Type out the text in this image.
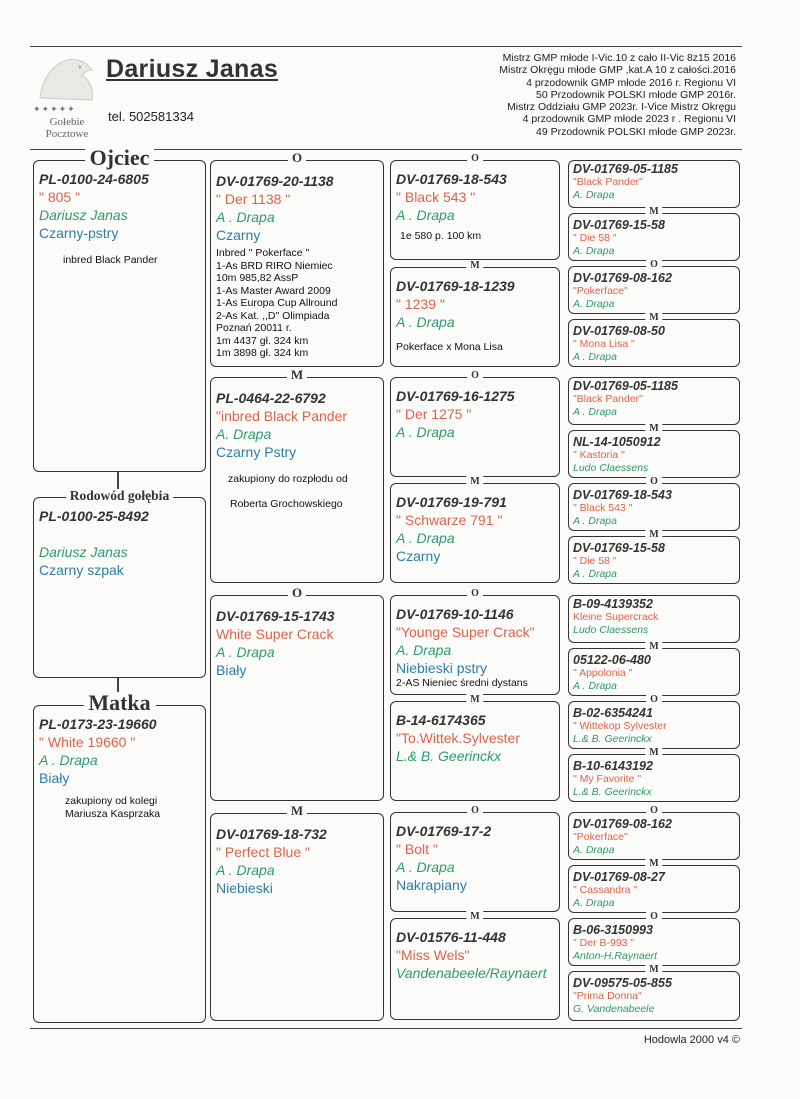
✦✦✦✦✦
Gołebie
Pocztowe
Dariusz Janas
tel. 502581334
Mistrz GMP młode I-Vic.10 z cało II-Vic 8z15 2016
Mistrz Okręgu młode GMP ,kat.A 10 z całości.2016
4 przodownik GMP młode 2016 r. Regionu VI
50 Przodownik POLSKI młode GMP 2016r.
Mistrz Oddziału GMP 2023r. I-Vice Mistrz Okręgu
4 przodownik GMP młode 2023 r . Regionu VI
49 Przodownik POLSKI młode GMP 2023r.
Ojciec
PL-0100-24-6805
" 805 "
Dariusz Janas
Czarny-pstry
inbred Black Pander
Rodowód gołębia
PL-0100-25-8492
Dariusz Janas
Czarny szpak
Matka
PL-0173-23-19660
" White 19660 "
A . Drapa
Biały
zakupiony od kolegi
Mariusza Kasprzaka
O
DV-01769-20-1138
" Der 1138 "
A . Drapa
Czarny
Inbred " Pokerface "
1-As BRD RIRO Niemiec
10m 985,82 AssP
1-As Master Award 2009
1-As Europa Cup Allround
2-As Kat. ,,D" Olimpiada
Poznań 20011 r.
1m 4437 gł. 324 km
1m 3898 gł. 324 km
M
PL-0464-22-6792
"inbred Black Pander
A. Drapa
Czarny Pstry
zakupiony do rozpłodu od
Roberta Grochowskiego
O
DV-01769-15-1743
White Super Crack
A . Drapa
Biały
M
DV-01769-18-732
" Perfect Blue "
A . Drapa
Niebieski
O
DV-01769-18-543
" Black 543 "
A . Drapa
1e 580 p. 100 km
M
DV-01769-18-1239
" 1239 "
A . Drapa
Pokerface x Mona Lisa
O
DV-01769-16-1275
" Der 1275 "
A . Drapa
M
DV-01769-19-791
" Schwarze 791 "
A . Drapa
Czarny
O
DV-01769-10-1146
"Younge Super Crack"
A. Drapa
Niebieski pstry
2-AS Nieniec średni dystans
M
B-14-6174365
"To.Wittek.Sylvester
L.& B. Geerinckx
O
DV-01769-17-2
" Bolt "
A . Drapa
Nakrapiany
M
DV-01576-11-448
"Miss Wels"
Vandenabeele/Raynaert
DV-01769-05-1185
"Black Pander"
A. Drapa
M
DV-01769-15-58
" Die 58 "
A. Drapa
O
DV-01769-08-162
"Pokerface"
A. Drapa
M
DV-01769-08-50
" Mona Lisa "
A . Drapa
DV-01769-05-1185
"Black Pander"
A . Drapa
M
NL-14-1050912
" Kastoria "
Ludo Claessens
O
DV-01769-18-543
" Black 543 "
A . Drapa
M
DV-01769-15-58
" Die 58 "
A . Drapa
B-09-4139352
Kleine Supercrack
Ludo Claessens
M
05122-06-480
" Appolonia "
A . Drapa
O
B-02-6354241
" Wittekop Sylvester
L.& B. Geerinckx
M
B-10-6143192
" My Favorite "
L.& B. Geerinckx
O
DV-01769-08-162
"Pokerface"
A. Drapa
M
DV-01769-08-27
" Cassandra "
A. Drapa
O
B-06-3150993
" Der B-993 "
Anton-H.Raynaert
M
DV-09575-05-855
"Prima Donna"
G. Vandenabeele
Hodowla 2000 v4 ©
